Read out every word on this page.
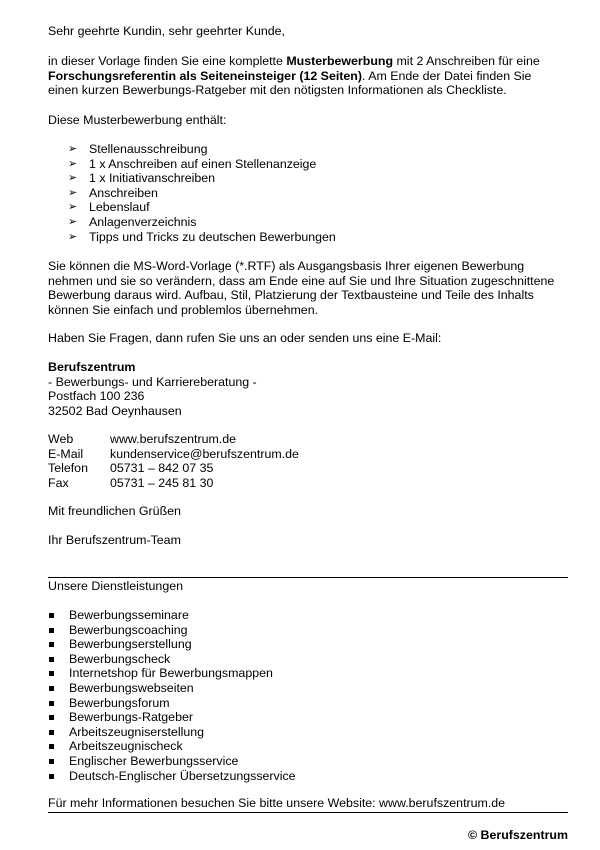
Sehr geehrte Kundin, sehr geehrter Kunde,
in dieser Vorlage finden Sie eine komplette Musterbewerbung mit 2 Anschreiben für eine
Forschungsreferentin als Seiteneinsteiger (12 Seiten). Am Ende der Datei finden Sie
einen kurzen Bewerbungs-Ratgeber mit den nötigsten Informationen als Checkliste.
Diese Musterbewerbung enthält:
➢ Stellenausschreibung
➢ 1 x Anschreiben auf einen Stellenanzeige
➢ 1 x Initiativanschreiben
➢ Anschreiben
➢ Lebenslauf
➢ Anlagenverzeichnis
➢ Tipps und Tricks zu deutschen Bewerbungen
Sie können die MS-Word-Vorlage (*.RTF) als Ausgangsbasis Ihrer eigenen Bewerbung
nehmen und sie so verändern, dass am Ende eine auf Sie und Ihre Situation zugeschnittene
Bewerbung daraus wird. Aufbau, Stil, Platzierung der Textbausteine und Teile des Inhalts
können Sie einfach und problemlos übernehmen.
Haben Sie Fragen, dann rufen Sie uns an oder senden uns eine E-Mail:
Berufszentrum
- Bewerbungs- und Karriereberatung -
Postfach 100 236
32502 Bad Oeynhausen
Web	www.berufszentrum.de
E-Mail kundenservice@berufszentrum.de
Telefon 05731 – 842 07 35
Fax	05731 – 245 81 30
Mit freundlichen Grüßen
Ihr Berufszentrum-Team
Unsere Dienstleistungen
Bewerbungsseminare
Bewerbungscoaching
Bewerbungserstellung
Bewerbungscheck
Internetshop für Bewerbungsmappen
Bewerbungswebseiten
Bewerbungsforum
Bewerbungs-Ratgeber
Arbeitszeugniserstellung
Arbeitszeugnischeck
Englischer Bewerbungsservice
Deutsch-Englischer Übersetzungsservice
Für mehr Informationen besuchen Sie bitte unsere Website: www.berufszentrum.de
© Berufszentrum
